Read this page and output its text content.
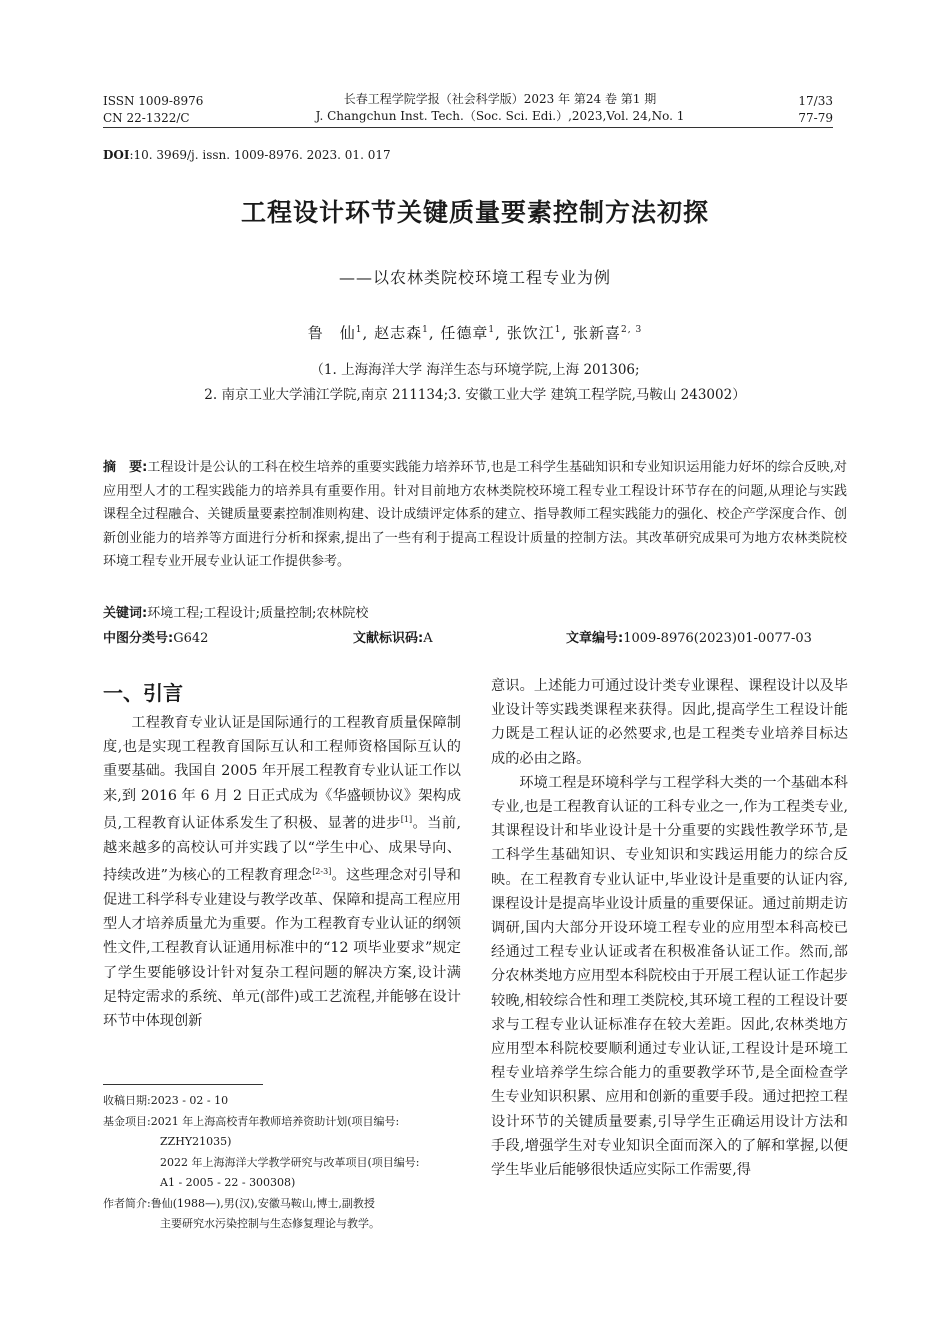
ISSN 1009-8976
CN 22-1322/C
长春工程学院学报（社会科学版）2023 年 第24 卷 第1 期
J. Changchun Inst. Tech.（Soc. Sci. Edi.）,2023,Vol. 24,No. 1
17/33
77-79
DOI:10. 3969/j. issn. 1009-8976. 2023. 01. 017
工程设计环节关键质量要素控制方法初探
——以农林类院校环境工程专业为例
鲁　仙$^1$, 赵志森$^1$, 任德章$^1$, 张饮江$^1$, 张新喜$^{2, 3}$
（1. 上海海洋大学 海洋生态与环境学院,上海 201306;
2. 南京工业大学浦江学院,南京 211134;3. 安徽工业大学 建筑工程学院,马鞍山 243002）
摘　要:工程设计是公认的工科在校生培养的重要实践能力培养环节,也是工科学生基础知识和专业知识运用能力好坏的综合反映,对应用型人才的工程实践能力的培养具有重要作用。针对目前地方农林类院校环境工程专业工程设计环节存在的问题,从理论与实践课程全过程融合、关键质量要素控制准则构建、设计成绩评定体系的建立、指导教师工程实践能力的强化、校企产学深度合作、创新创业能力的培养等方面进行分析和探索,提出了一些有利于提高工程设计质量的控制方法。其改革研究成果可为地方农林类院校环境工程专业开展专业认证工作提供参考。
关键词:环境工程;工程设计;质量控制;农林院校
中图分类号:G642	文献标识码:A	文章编号:1009-8976(2023)01-0077-03
一、引言

工程教育专业认证是国际通行的工程教育质量保障制度,也是实现工程教育国际互认和工程师资格国际互认的重要基础。我国自 2005 年开展工程教育专业认证工作以来,到 2016 年 6 月 2 日正式成为《华盛顿协议》架构成员,工程教育认证体系发生了积极、显著的进步[1]。当前,越来越多的高校认可并实践了以“学生中心、成果导向、持续改进”为核心的工程教育理念[2-3]。这些理念对引导和促进工科学科专业建设与教学改革、保障和提高工程应用型人才培养质量尤为重要。作为工程教育专业认证的纲领性文件,工程教育认证通用标准中的“12 项毕业要求”规定了学生要能够设计针对复杂工程问题的解决方案,设计满足特定需求的系统、单元(部件)或工艺流程,并能够在设计环节中体现创新

意识。上述能力可通过设计类专业课程、课程设计以及毕业设计等实践类课程来获得。因此,提高学生工程设计能力既是工程认证的必然要求,也是工程类专业培养目标达成的必由之路。

环境工程是环境科学与工程学科大类的一个基础本科专业,也是工程教育认证的工科专业之一,作为工程类专业,其课程设计和毕业设计是十分重要的实践性教学环节,是工科学生基础知识、专业知识和实践运用能力的综合反映。在工程教育专业认证中,毕业设计是重要的认证内容,课程设计是提高毕业设计质量的重要保证。通过前期走访调研,国内大部分开设环境工程专业的应用型本科高校已经通过工程专业认证或者在积极准备认证工作。然而,部分农林类地方应用型本科院校由于开展工程认证工作起步较晚,相较综合性和理工类院校,其环境工程的工程设计要求与工程专业认证标准存在较大差距。因此,农林类地方应用型本科院校要顺利通过专业认证,工程设计是环境工程专业培养学生综合能力的重要教学环节,是全面检查学生专业知识积累、应用和创新的重要手段。通过把控工程设计环节的关键质量要素,引导学生正确运用设计方法和手段,增强学生对专业知识全面而深入的了解和掌握,以便学生毕业后能够很快适应实际工作需要,得

收稿日期: 2023 - 02 - 10
基金项目: 2021 年上海高校青年教师培养资助计划(项目编号:
ZZHY21035)
2022 年上海海洋大学教学研究与改革项目(项目编号:
A1 - 2005 - 22 - 300308)
作者简介: 鲁仙(1988—),男(汉),安徽马鞍山,博士,副教授
主要研究水污染控制与生态修复理论与教学。
